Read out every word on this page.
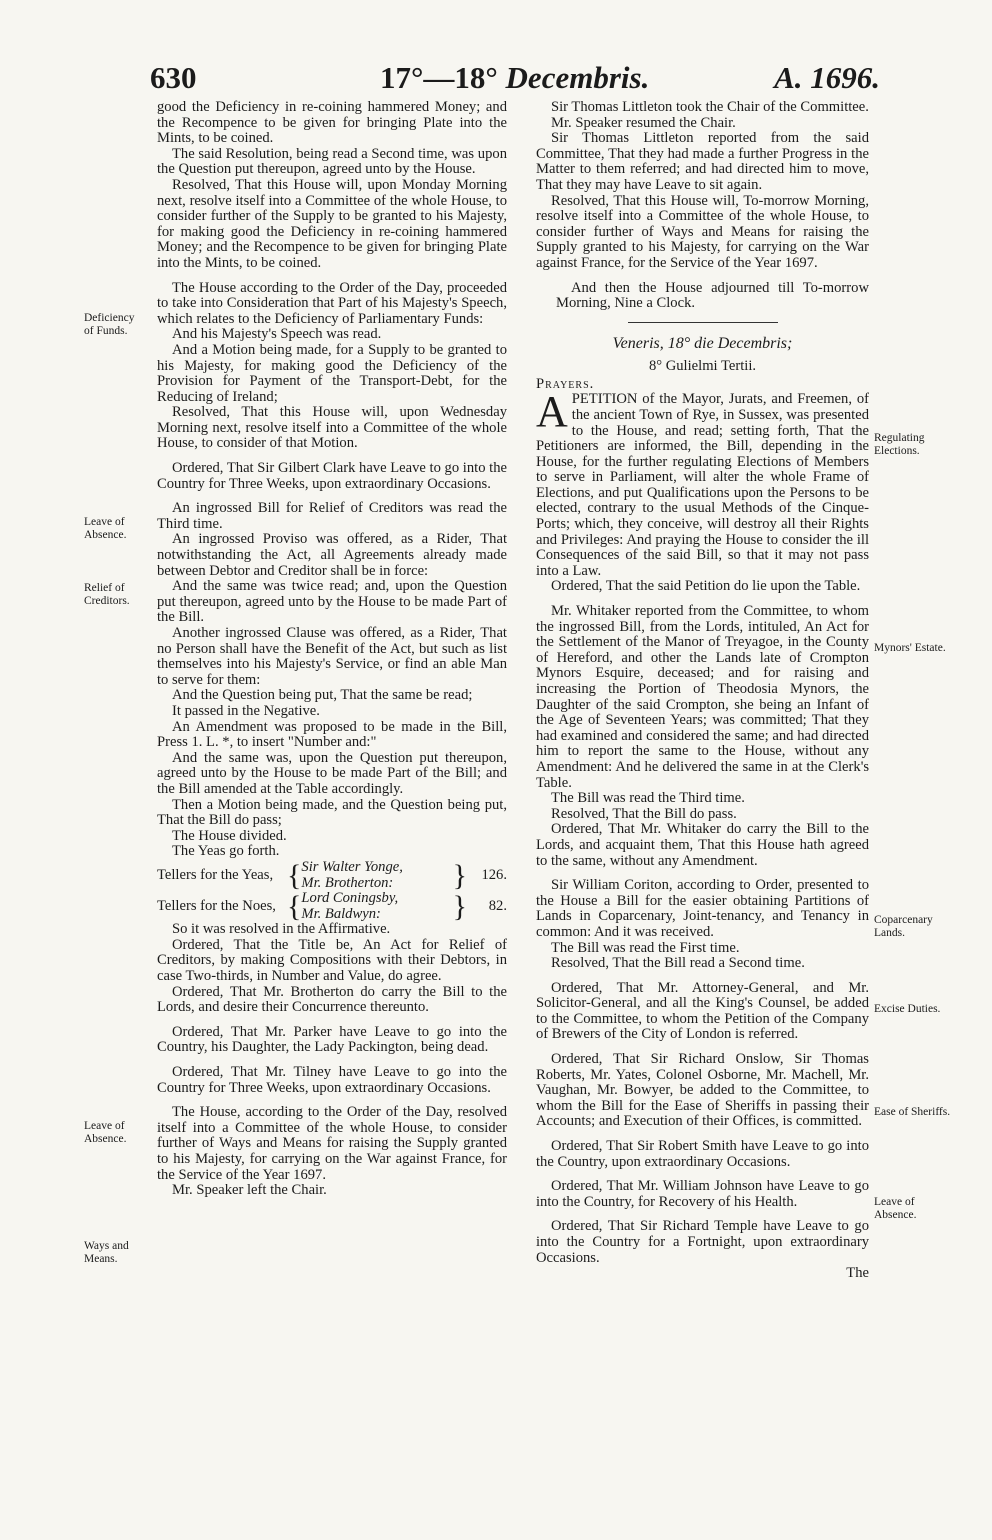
630	17°—18° Decembris.	A. 1696.
Deficiency of Funds.
Leave of Absence.
Relief of Creditors.
Leave of Absence.
Ways and Means.
Regulating Elections.
Mynors' Estate.
Coparcenary Lands.
Excise Duties.
Ease of Sheriffs.
Leave of Absence.

good the Deficiency in re-coining hammered Money; and the Recompence to be given for bringing Plate into the Mints, to be coined.

The said Resolution, being read a Second time, was upon the Question put thereupon, agreed unto by the House.

Resolved, That this House will, upon Monday Morning next, resolve itself into a Committee of the whole House, to consider further of the Supply to be granted to his Majesty, for making good the Deficiency in re-coining hammered Money; and the Recompence to be given for bringing Plate into the Mints, to be coined.

The House according to the Order of the Day, proceeded to take into Consideration that Part of his Majesty's Speech, which relates to the Deficiency of Parliamentary Funds:

And his Majesty's Speech was read.

And a Motion being made, for a Supply to be granted to his Majesty, for making good the Deficiency of the Provision for Payment of the Transport-Debt, for the Reducing of Ireland;

Resolved, That this House will, upon Wednesday Morning next, resolve itself into a Committee of the whole House, to consider of that Motion.

Ordered, That Sir Gilbert Clark have Leave to go into the Country for Three Weeks, upon extraordinary Occasions.

An ingrossed Bill for Relief of Creditors was read the Third time.

An ingrossed Proviso was offered, as a Rider, That notwithstanding the Act, all Agreements already made between Debtor and Creditor shall be in force:

And the same was twice read; and, upon the Question put thereupon, agreed unto by the House to be made Part of the Bill.

Another ingrossed Clause was offered, as a Rider, That no Person shall have the Benefit of the Act, but such as list themselves into his Majesty's Service, or find an able Man to serve for them:

And the Question being put, That the same be read;

It passed in the Negative.

An Amendment was proposed to be made in the Bill, Press 1. L. *, to insert "Number and:"

And the same was, upon the Question put thereupon, agreed unto by the House to be made Part of the Bill; and the Bill amended at the Table accordingly.

Then a Motion being made, and the Question being put, That the Bill do pass;

The House divided.

The Yeas go forth.

Tellers for the Yeas,	{	Sir Walter Yonge,
Mr. Brotherton:	}	126.
Tellers for the Noes,	{	Lord Coningsby,
Mr. Baldwyn:	}	82.

So it was resolved in the Affirmative.

Ordered, That the Title be, An Act for Relief of Creditors, by making Compositions with their Debtors, in case Two-thirds, in Number and Value, do agree.

Ordered, That Mr. Brotherton do carry the Bill to the Lords, and desire their Concurrence thereunto.

Ordered, That Mr. Parker have Leave to go into the Country, his Daughter, the Lady Packington, being dead.

Ordered, That Mr. Tilney have Leave to go into the Country for Three Weeks, upon extraordinary Occasions.

The House, according to the Order of the Day, resolved itself into a Committee of the whole House, to consider further of Ways and Means for raising the Supply granted to his Majesty, for carrying on the War against France, for the Service of the Year 1697.

Mr. Speaker left the Chair.

Sir Thomas Littleton took the Chair of the Committee.

Mr. Speaker resumed the Chair.

Sir Thomas Littleton reported from the said Committee, That they had made a further Progress in the Matter to them referred; and had directed him to move, That they may have Leave to sit again.

Resolved, That this House will, To-morrow Morning, resolve itself into a Committee of the whole House, to consider further of Ways and Means for raising the Supply granted to his Majesty, for carrying on the War against France, for the Service of the Year 1697.

And then the House adjourned till To-morrow Morning, Nine a Clock.

Veneris, 18° die Decembris;

8° Gulielmi Tertii.

Prayers.

A PETITION of the Mayor, Jurats, and Freemen, of the ancient Town of Rye, in Sussex, was presented to the House, and read; setting forth, That the Petitioners are informed, the Bill, depending in the House, for the further regulating Elections of Members to serve in Parliament, will alter the whole Frame of Elections, and put Qualifications upon the Persons to be elected, contrary to the usual Methods of the Cinque-Ports; which, they conceive, will destroy all their Rights and Privileges: And praying the House to consider the ill Consequences of the said Bill, so that it may not pass into a Law.

Ordered, That the said Petition do lie upon the Table.

Mr. Whitaker reported from the Committee, to whom the ingrossed Bill, from the Lords, intituled, An Act for the Settlement of the Manor of Treyagoe, in the County of Hereford, and other the Lands late of Crompton Mynors Esquire, deceased; and for raising and increasing the Portion of Theodosia Mynors, the Daughter of the said Crompton, she being an Infant of the Age of Seventeen Years; was committed; That they had examined and considered the same; and had directed him to report the same to the House, without any Amendment: And he delivered the same in at the Clerk's Table.

The Bill was read the Third time.

Resolved, That the Bill do pass.

Ordered, That Mr. Whitaker do carry the Bill to the Lords, and acquaint them, That this House hath agreed to the same, without any Amendment.

Sir William Coriton, according to Order, presented to the House a Bill for the easier obtaining Partitions of Lands in Coparcenary, Joint-tenancy, and Tenancy in common: And it was received.

The Bill was read the First time.

Resolved, That the Bill read a Second time.

Ordered, That Mr. Attorney-General, and Mr. Solicitor-General, and all the King's Counsel, be added to the Committee, to whom the Petition of the Company of Brewers of the City of London is referred.

Ordered, That Sir Richard Onslow, Sir Thomas Roberts, Mr. Yates, Colonel Osborne, Mr. Machell, Mr. Vaughan, Mr. Bowyer, be added to the Committee, to whom the Bill for the Ease of Sheriffs in passing their Accounts; and Execution of their Offices, is committed.

Ordered, That Sir Robert Smith have Leave to go into the Country, upon extraordinary Occasions.

Ordered, That Mr. William Johnson have Leave to go into the Country, for Recovery of his Health.

Ordered, That Sir Richard Temple have Leave to go into the Country for a Fortnight, upon extraordinary Occasions.

The
